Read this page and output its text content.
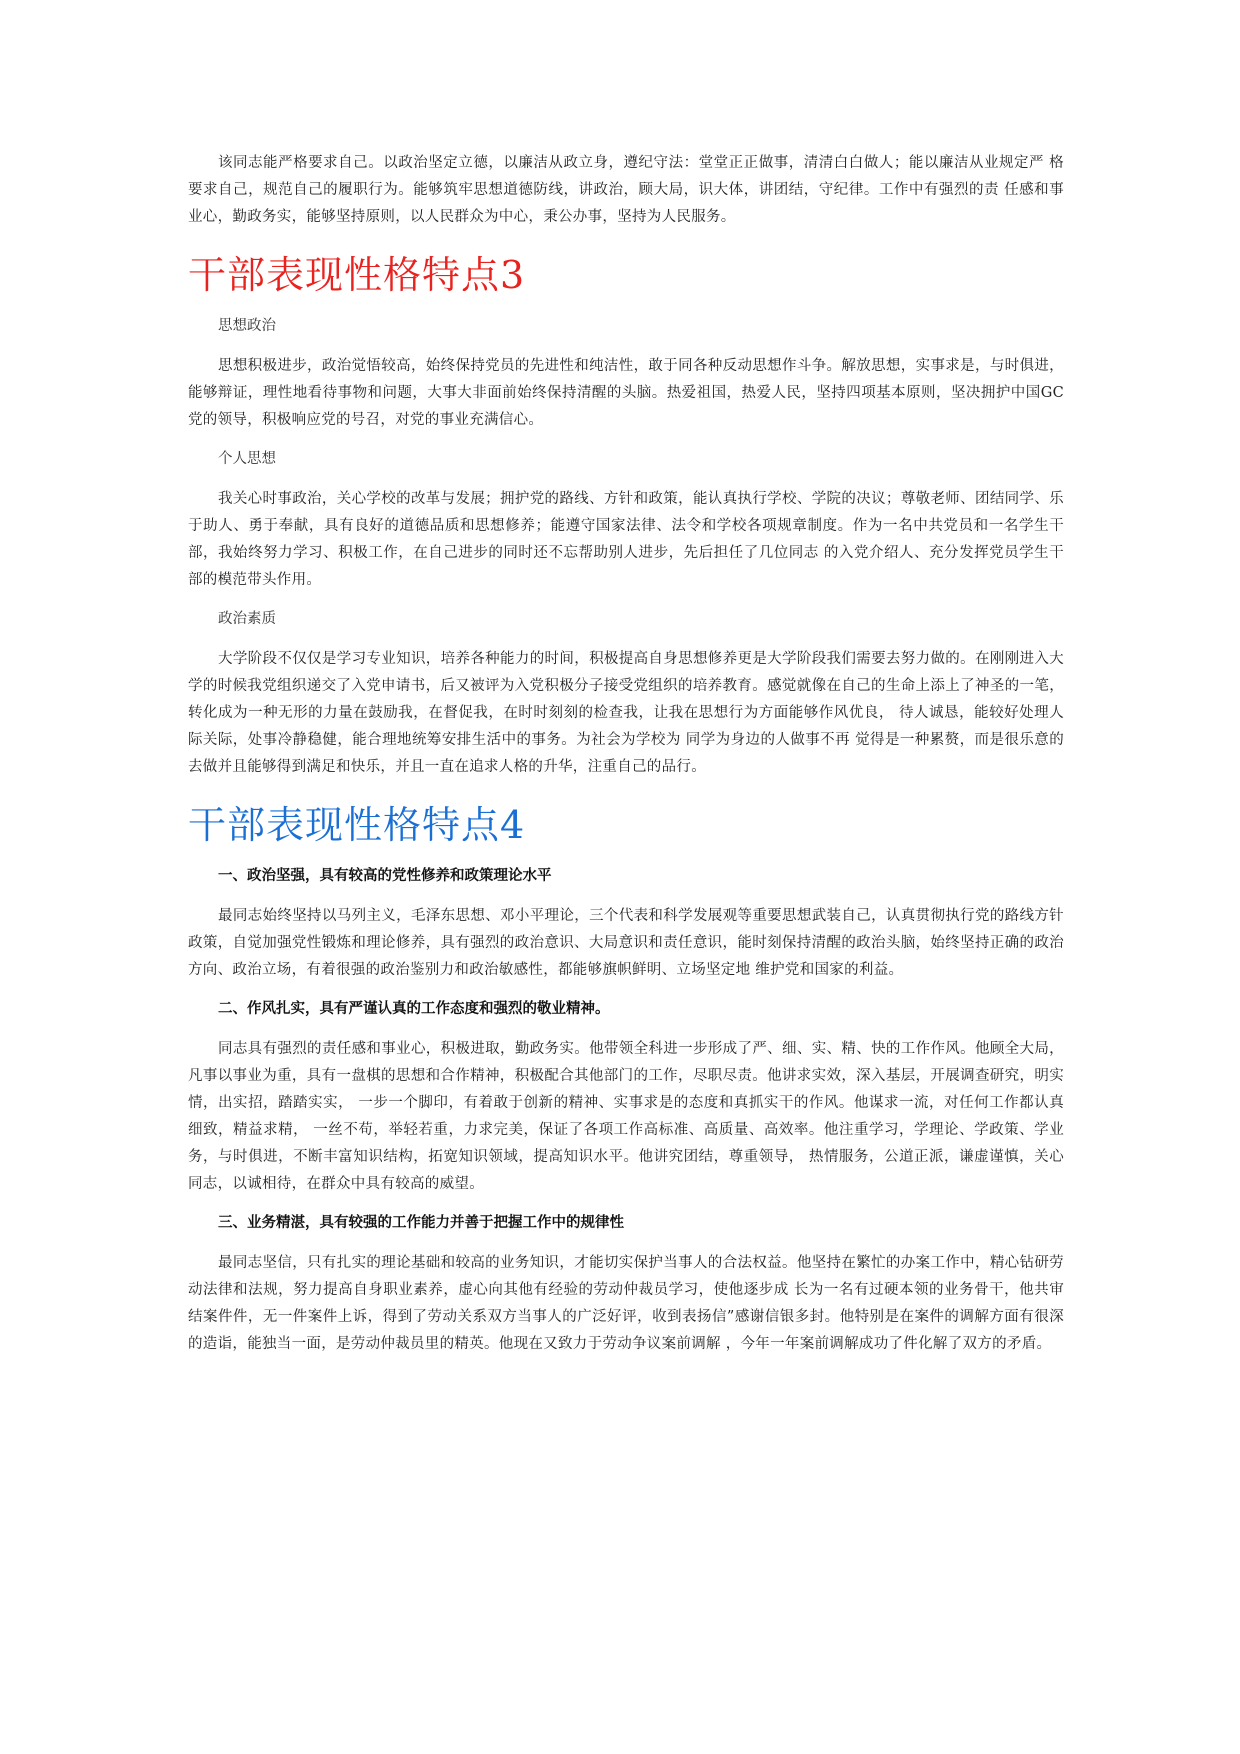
该同志能严格要求自己。以政治坚定立德，以廉洁从政立身，遵纪守法：堂堂正正做事，清清白白做人；能以廉洁从业规定严 格要求自己，规范自己的履职行为。能够筑牢思想道德防线，讲政治，顾大局，识大体，讲团结，守纪律。工作中有强烈的责 任感和事业心，勤政务实，能够坚持原则，以人民群众为中心，秉公办事，坚持为人民服务。

干部表现性格特点3

思想政治

思想积极进步，政治觉悟较高，始终保持党员的先进性和纯洁性，敢于同各种反动思想作斗争。解放思想，实事求是，与时俱进，能够辩证，理性地看待事物和问题，大事大非面前始终保持清醒的头脑。热爱祖国，热爱人民，坚持四项基本原则，坚决拥护中国GC党的领导，积极响应党的号召，对党的事业充满信心。

个人思想

我关心时事政治，关心学校的改革与发展；拥护党的路线、方针和政策，能认真执行学校、学院的决议；尊敬老师、团结同学、乐于助人、勇于奉献，具有良好的道德品质和思想修养；能遵守国家法律、法令和学校各项规章制度。作为一名中共党员和一名学生干部，我始终努力学习、积极工作，在自己进步的同时还不忘帮助别人进步，先后担任了几位同志 的入党介绍人、充分发挥党员学生干部的模范带头作用。

政治素质

大学阶段不仅仅是学习专业知识，培养各种能力的时间，积极提高自身思想修养更是大学阶段我们需要去努力做的。在刚刚进入大学的时候我党组织递交了入党申请书，后又被评为入党积极分子接受党组织的培养教育。感觉就像在自己的生命上添上了神圣的一笔，转化成为一种无形的力量在鼓励我，在督促我，在时时刻刻的检查我，让我在思想行为方面能够作风优良， 待人诚恳，能较好处理人际关际，处事冷静稳健，能合理地统筹安排生活中的事务。为社会为学校为 同学为身边的人做事不再 觉得是一种累赘，而是很乐意的去做并且能够得到满足和快乐，并且一直在追求人格的升华，注重自己的品行。

干部表现性格特点4

一、政治坚强，具有较高的党性修养和政策理论水平

最同志始终坚持以马列主义，毛泽东思想、邓小平理论，三个代表和科学发展观等重要思想武装自己，认真贯彻执行党的路线方针政策，自觉加强党性锻炼和理论修养，具有强烈的政治意识、大局意识和责任意识，能时刻保持清醒的政治头脑，始终坚持正确的政治方向、政治立场，有着很强的政治鉴别力和政治敏感性，都能够旗帜鲜明、立场坚定地 维护党和国家的利益。

二、作风扎实，具有严谨认真的工作态度和强烈的敬业精神。

同志具有强烈的责任感和事业心，积极进取，勤政务实。他带领全科进一步形成了严、细、实、精、快的工作作风。他顾全大局，凡事以事业为重，具有一盘棋的思想和合作精神，积极配合其他部门的工作，尽职尽责。他讲求实效，深入基层，开展调查研究，明实情，出实招，踏踏实实， 一步一个脚印，有着敢于创新的精神、实事求是的态度和真抓实干的作风。他谋求一流，对任何工作都认真细致，精益求精， 一丝不苟，举轻若重，力求完美，保证了各项工作高标准、高质量、高效率。他注重学习，学理论、学政策、学业务，与时俱进，不断丰富知识结构，拓宽知识领域，提高知识水平。他讲究团结，尊重领导， 热情服务，公道正派，谦虚谨慎，关心同志，以诚相待，在群众中具有较高的威望。

三、业务精湛，具有较强的工作能力并善于把握工作中的规律性

最同志坚信，只有扎实的理论基础和较高的业务知识，才能切实保护当事人的合法权益。他坚持在繁忙的办案工作中，精心钻研劳动法律和法规，努力提高自身职业素养，虚心向其他有经验的劳动仲裁员学习，使他逐步成 长为一名有过硬本领的业务骨干，他共审结案件件，无一件案件上诉，得到了劳动关系双方当事人的广泛好评，收到表扬信”感谢信银多封。他特别是在案件的调解方面有很深的造诣，能独当一面，是劳动仲裁员里的精英。他现在又致力于劳动争议案前调解 ，今年一年案前调解成功了件化解了双方的矛盾。
